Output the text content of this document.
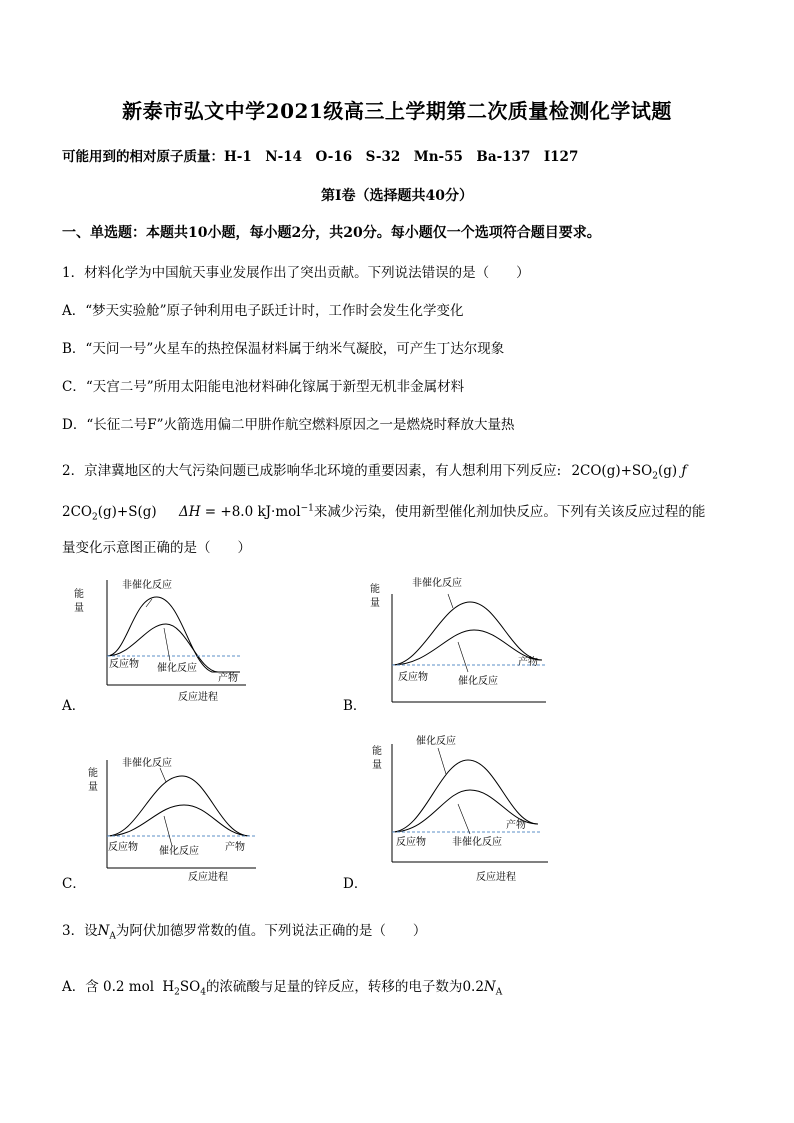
新泰市弘文中学2021级高三上学期第二次质量检测化学试题
可能用到的相对原子质量：H-1　N-14　O-16　S-32　Mn-55　Ba-137　I127
第I卷（选择题共40分）
一、单选题：本题共10小题，每小题2分，共20分。每小题仅一个选项符合题目要求。
1．材料化学为中国航天事业发展作出了突出贡献。下列说法错误的是（　　）
A．“梦天实验舱”原子钟利用电子跃迁计时，工作时会发生化学变化
B．“天问一号”火星车的热控保温材料属于纳米气凝胶，可产生丁达尔现象
C．“天宫二号”所用太阳能电池材料砷化镓属于新型无机非金属材料
D．“长征二号F”火箭选用偏二甲肼作航空燃料原因之一是燃烧时释放大量热
2．京津冀地区的大气污染问题已成影响华北环境的重要因素，有人想利用下列反应: $2CO(g)+SO_2(g)$ ƒ
$2CO_2(g)+S(g) \Delta H = +8.0$ kJ·mol$^{-1}$来减少污染，使用新型催化剂加快反应。下列有关该反应过程的能
量变化示意图正确的是（　　）
能
量
非催化反应
反应物 催化反应
产物
反应进程
A．
能
量
非催化反应
反应物	催化反应
产物
B．
能
量
非催化反应
反应物 催化反应	产物
反应进程
C．
能
量
催化反应
反应物	非催化反应
产物
反应进程
D．
3．设$N_A$为阿伏加德罗常数的值。下列说法正确的是（　　）
A．含 0.2 mol $H_2SO_4$的浓硫酸与足量的锌反应，转移的电子数为$0.2N_A$
